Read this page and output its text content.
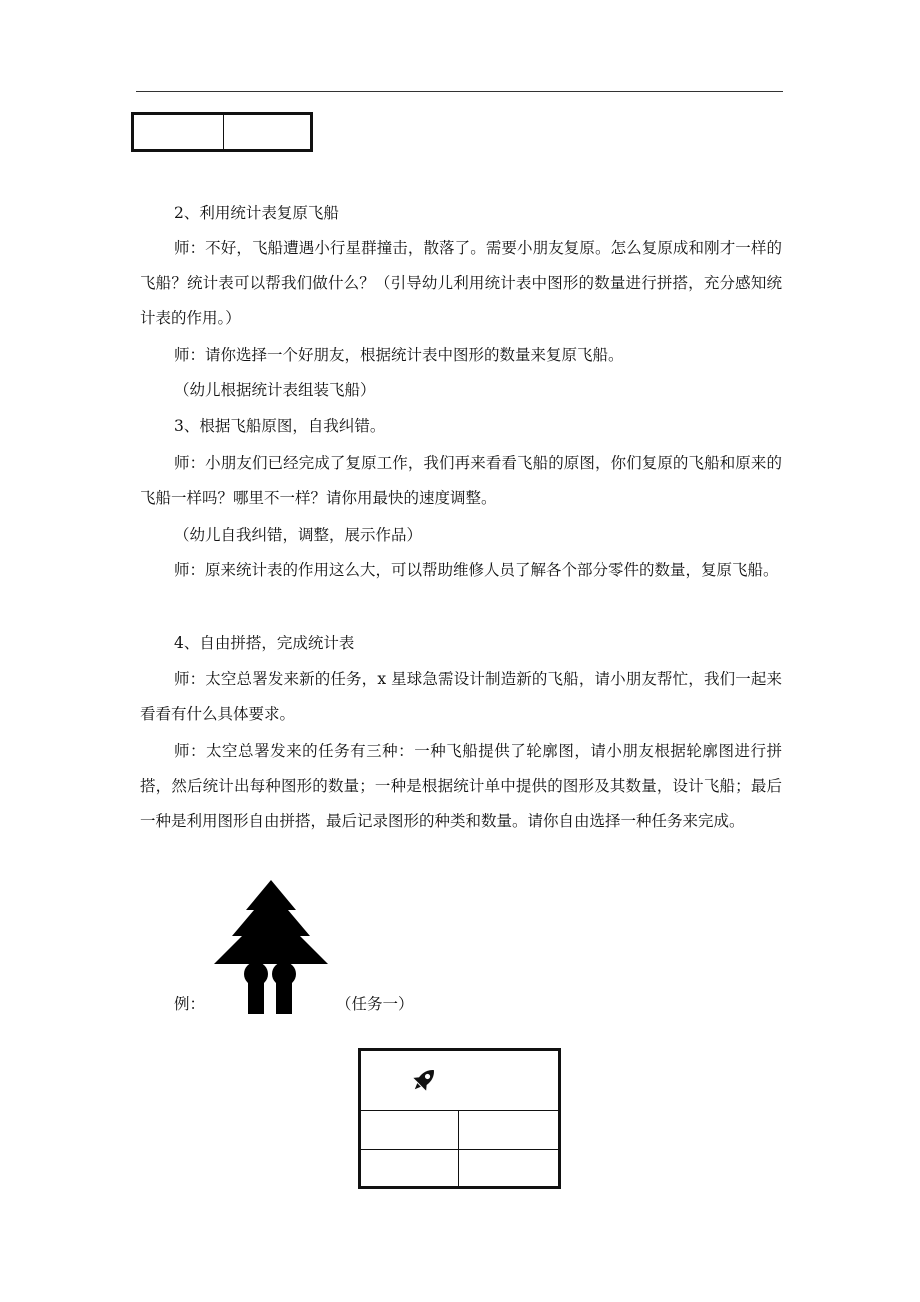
2、利用统计表复原飞船

师：不好，飞船遭遇小行星群撞击，散落了。需要小朋友复原。怎么复原成和刚才一样的飞船？统计表可以帮我们做什么？（引导幼儿利用统计表中图形的数量进行拼搭，充分感知统计表的作用。）

师：请你选择一个好朋友，根据统计表中图形的数量来复原飞船。

（幼儿根据统计表组装飞船）

3、根据飞船原图，自我纠错。

师：小朋友们已经完成了复原工作，我们再来看看飞船的原图，你们复原的飞船和原来的飞船一样吗？哪里不一样？请你用最快的速度调整。

（幼儿自我纠错，调整，展示作品）

师：原来统计表的作用这么大，可以帮助维修人员了解各个部分零件的数量，复原飞船。

4、自由拼搭，完成统计表

师：太空总署发来新的任务，x 星球急需设计制造新的飞船，请小朋友帮忙，我们一起来看看有什么具体要求。

师：太空总署发来的任务有三种：一种飞船提供了轮廓图，请小朋友根据轮廓图进行拼搭，然后统计出每种图形的数量；一种是根据统计单中提供的图形及其数量，设计飞船；最后一种是利用图形自由拼搭，最后记录图形的种类和数量。请你自由选择一种任务来完成。

例：	（任务一）
